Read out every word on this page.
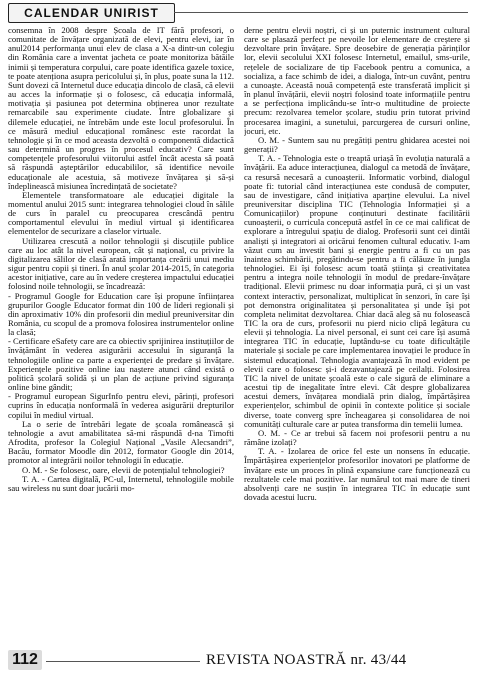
CALENDAR UNIRIST

consemna în 2008 despre Școala de IT fără profesori, o comunitate de învățare organizată de elevi, pentru elevi, iar în anul2014 performanța unui elev de clasa a X-a dintr-un colegiu din România care a inventat jacheta ce poate monitoriza bătăile inimii și temperatura corpului, care poate identifica gazele toxice, te poate atenționa asupra pericolului și, în plus, poate suna la 112. Sunt dovezi că Internetul duce educația dincolo de clasă, că elevii au acces la informație și o folosesc, că educația informală, motivația și pasiunea pot determina obținerea unor rezultate remarcabile sau experimente ciudate. Între globalizare și dilemele educației, ne întrebăm unde este locul profesorului. În ce măsură mediul educațional românesc este racordat la tehnologie și în ce mod aceasta dezvoltă o componentă didactică sau determină un progres în procesul educativ? Care sunt competențele profesorului viitorului astfel încât acesta să poată să răspundă așteptărilor educabililor, să identifice nevoile educaționale ale acestuia, să motiveze învățarea și să-și îndeplinească misiunea încredințată de societate?

Elementele transformatoare ale educației digitale la momentul anului 2015 sunt: integrarea tehnologiei cloud în sălile de curs în paralel cu preocuparea crescândă pentru comportamentul elevului în mediul virtual și identificarea elementelor de securizare a claselor virtuale.

Utilizarea crescută a noilor tehnologii și discuțiile publice care au loc atât la nivel european, cât și național, cu privire la digitalizarea sălilor de clasă arată importanța creării unui mediu sigur pentru copii și tineri. În anul școlar 2014-2015, în categoria acestor inițiative, care au în vedere creșterea impactului educației folosind noile tehnologii, se încadrează:

- Programul Google for Education care își propune înființarea grupurilor Google Educator format din 100 de lideri regionali și din aproximativ 10% din profesorii din mediul preuniversitar din România, cu scopul de a promova folosirea instrumentelor online la clasă;

- Certificare eSafety care are ca obiectiv sprijinirea instituțiilor de învățământ în vederea asigurării accesului în siguranță la tehnologiile online ca parte a experienței de predare și învățare. Experiențele pozitive online iau naștere atunci când există o politică școlară solidă și un plan de acțiune privind siguranța online bine gândit;

- Programul european SigurInfo pentru elevi, părinți, profesori cuprins în educația nonformală în vederea asigurării drepturilor copilui în mediul virtual.

La o serie de întrebări legate de școala românească și tehnologie a avut amabilitatea să-mi răspundă d-na Timofti Afrodita, profesor la Colegiul Național „Vasile Alecsandri”, Bacău, formator Moodle din 2012, formator Google din 2014, promotor al integrării noilor tehnologii în educație.

O. M. - Se folosesc, oare, elevii de potențialul tehnologiei?

T. A. - Cartea digitală, PC-ul, Internetul, tehnologiile mobile sau wireless nu sunt doar jucării mo-

derne pentru elevii noștri, ci și un puternic instrument cultural care se plasază perfect pe nevoile lor elementare de creștere și dezvoltare prin învățare. Spre deosebire de generația părinților lor, elevii secolului XXI folosesc Internetul, emailul, sms-urile, rețelele de socializare de tip Facebook pentru a comunica, a socializa, a face schimb de idei, a dialoga, într-un cuvânt, pentru a cunoaște. Această nouă competență este transferată implicit și în planul învățării, elevii noștri folosind toate informațiile pentru a se perfecționa implicându-se într-o multitudine de proiecte precum: rezolvarea temelor școlare, studiu prin tutorat privind procesarea imagini, a sunetului, parcurgerea de cursuri online, jocuri, etc.

O. M. - Suntem sau nu pregătiți pentru ghidarea acestei noi generații?

T. A. - Tehnologia este o treaptă uriașă în evoluția naturală a învățării. Ea aduce interacțiunea, dialogul ca metodă de învățare, ca resursă necesară a cunoașterii. Informatic vorbind, dialogul poate fi: tutorial când interacțiunea este condusă de computer, sau de investigare, când inițiativa aparține elevului. La nivel preuniversitar disciplina TIC (Tehnologia Informației și a Comunicațiilor) propune conținuturi destinate facilitării cunoașterii, o curricula concepută astfel în ce ce mai calificat de explorare a întregului spațiu de dialog. Profesorii sunt cei dintâi analiști și integratori ai oricărui fenomen cultural educativ. I-am văzut cum au investit bani și energie pentru a fi cu un pas înaintea schimbării, pregătindu-se pentru a fi călăuze în jungla tehnologiei. Ei își folosesc acum toată știința și creativitatea pentru a integra noile tehnologii în modul de predare-învățare tradițional. Elevii primesc nu doar informația pură, ci și un vast context interactiv, personalizat, multiplicat în senzori, în care își pot demonstra originalitatea și personalitatea și unde își pot completa nelimitat dezvoltarea. Chiar dacă aleg să nu folosească TIC la ora de curs, profesorii nu pierd nicio clipă legătura cu elevii și tehnologia. La nivel personal, ei sunt cei care își asumă integrarea TIC în educație, luptându-se cu toate dificultățile materiale și sociale pe care implementarea inovației le produce în sistemul educațional. Tehnologia avantajează în mod evident pe elevii care o folosesc și-i dezavantajează pe ceilalți. Folosirea TIC la nivel de unitate școală este o cale sigură de eliminare a acestui tip de inegalitate între elevi. Cât despre globalizarea acestui demers, învățarea mondială prin dialog, împărtășirea experiențelor, schimbul de opinii în contexte politice și sociale diverse, toate converg spre încheagarea și consolidarea de noi comunități culturale care ar putea transforma din temelii lumea.

O. M. - Ce ar trebui să facem noi profesorii pentru a nu rămâne izolați?

T. A. - Izolarea de orice fel este un nonsens în educație. Împărtășirea experiențelor profesorilor inovatori pe platforme de învățare este un proces în plină expansiune care funcționează cu rezultatele cele mai pozitive. Iar numărul tot mai mare de tineri absolvenți care ne susțin în integrarea TIC în educație sunt dovada acestui lucru.

112	REVISTA NOASTRĂ nr. 43/44
